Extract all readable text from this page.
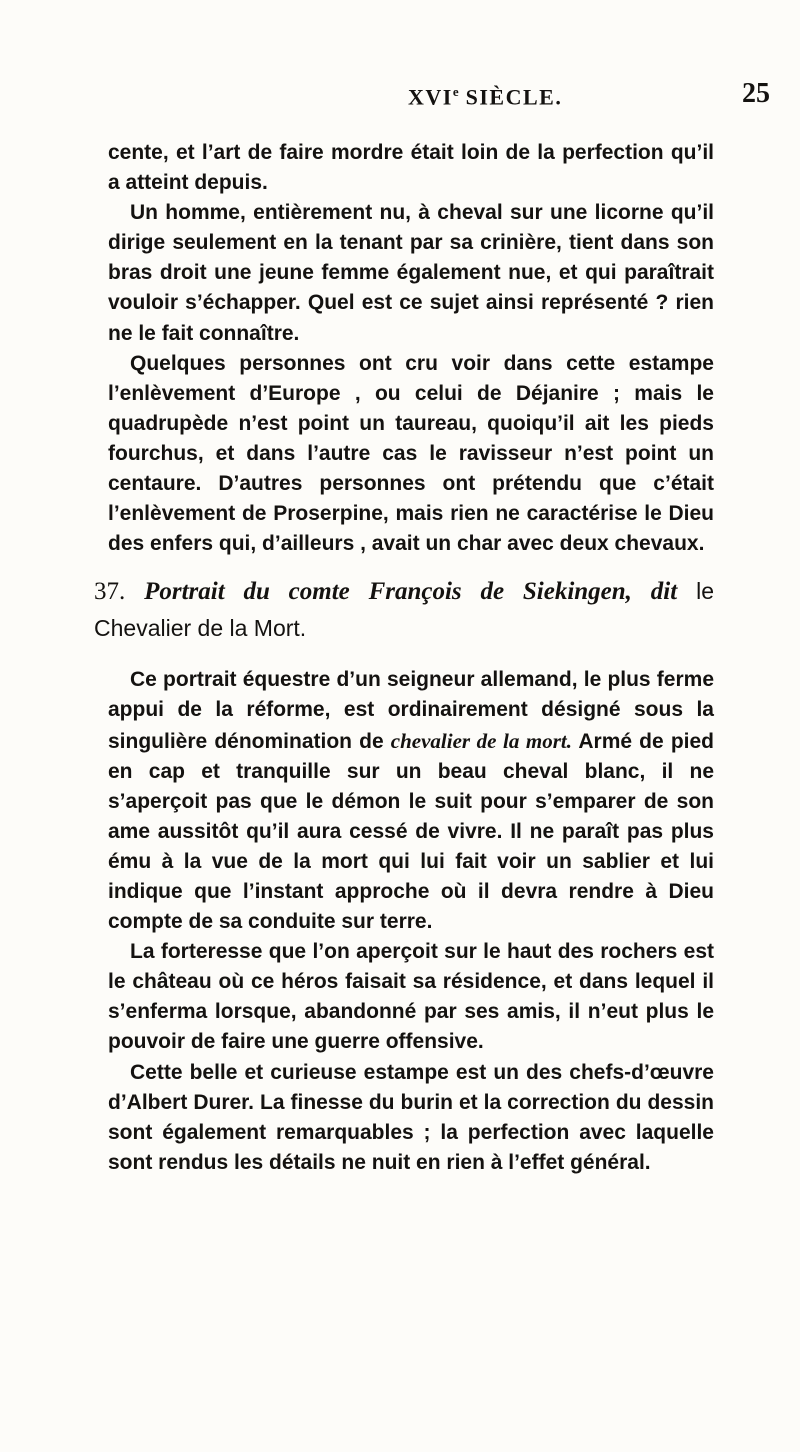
XVIe SIÈCLE.	25

cente, et l’art de faire mordre était loin de la perfection qu’il a atteint depuis.

Un homme, entièrement nu, à cheval sur une licorne qu’il dirige seulement en la tenant par sa crinière, tient dans son bras droit une jeune femme également nue, et qui paraîtrait vouloir s’échapper. Quel est ce sujet ainsi représenté ? rien ne le fait connaître.

Quelques personnes ont cru voir dans cette estampe l’enlèvement d’Europe , ou celui de Déjanire ; mais le quadrupède n’est point un taureau, quoiqu’il ait les pieds fourchus, et dans l’autre cas le ravisseur n’est point un centaure. D’autres personnes ont prétendu que c’était l’enlèvement de Proserpine, mais rien ne caractérise le Dieu des enfers qui, d’ailleurs , avait un char avec deux chevaux.

37. Portrait du comte François de Siekingen, dit le Chevalier de la Mort.

Ce portrait équestre d’un seigneur allemand, le plus ferme appui de la réforme, est ordinairement désigné sous la singulière dénomination de chevalier de la mort. Armé de pied en cap et tranquille sur un beau cheval blanc, il ne s’aperçoit pas que le démon le suit pour s’emparer de son ame aussitôt qu’il aura cessé de vivre. Il ne paraît pas plus ému à la vue de la mort qui lui fait voir un sablier et lui indique que l’instant approche où il devra rendre à Dieu compte de sa conduite sur terre.

La forteresse que l’on aperçoit sur le haut des rochers est le château où ce héros faisait sa résidence, et dans lequel il s’enferma lorsque, abandonné par ses amis, il n’eut plus le pouvoir de faire une guerre offensive.

Cette belle et curieuse estampe est un des chefs-d’œuvre d’Albert Durer. La finesse du burin et la correction du dessin sont également remarquables ; la perfection avec laquelle sont rendus les détails ne nuit en rien à l’effet général.
